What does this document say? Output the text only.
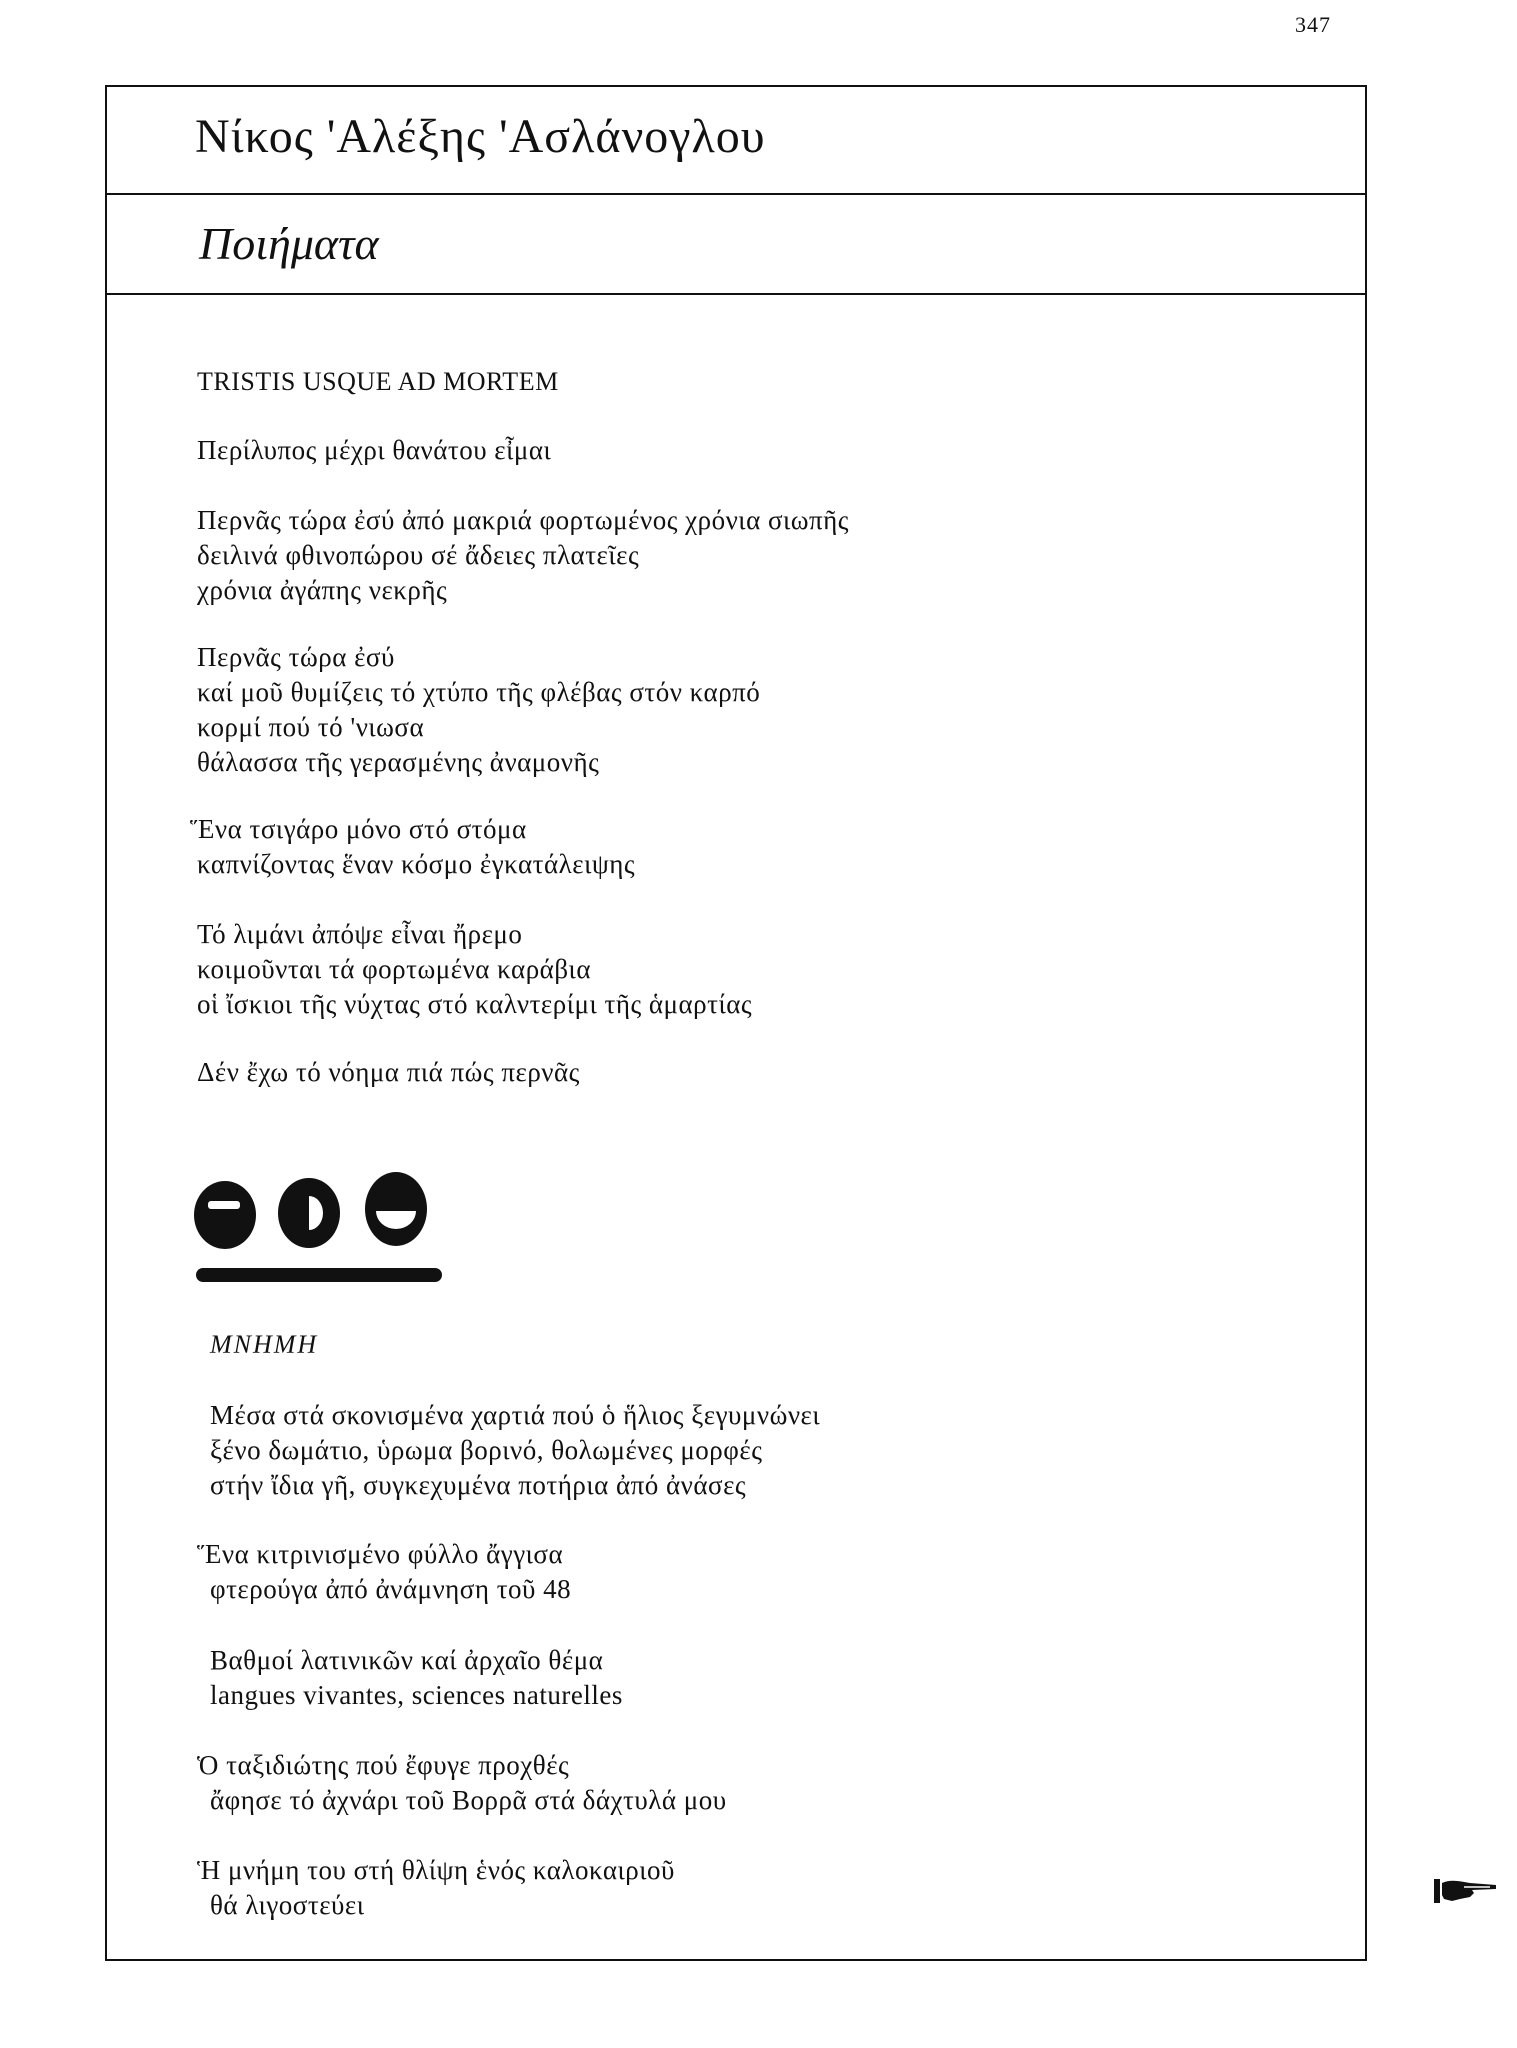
347
Νίκος 'Αλέξης 'Ασλάνογλου
Ποιήματα
TRISTIS USQUE AD MORTEM
Περίλυπος μέχρι θανάτου εἶμαι
Περνᾶς τώρα ἐσύ ἀπό μακριά φορτωμένος χρόνια σιωπῆς
δειλινά φθινοπώρου σέ ἄδειες πλατεῖες
χρόνια ἀγάπης νεκρῆς
Περνᾶς τώρα ἐσύ
καί μοῦ θυμίζεις τό χτύπο τῆς φλέβας στόν καρπό
κορμί πού τό 'νιωσα
θάλασσα τῆς γερασμένης ἀναμονῆς
Ἕνα τσιγάρο μόνο στό στόμα
καπνίζοντας ἕναν κόσμο ἐγκατάλειψης
Τό λιμάνι ἀπόψε εἶναι ἤρεμο
κοιμοῦνται τά φορτωμένα καράβια
οἱ ἴσκιοι τῆς νύχτας στό καλντερίμι τῆς ἁμαρτίας
Δέν ἔχω τό νόημα πιά πώς περνᾶς
ΜΝΗΜΗ
Μέσα στά σκονισμένα χαρτιά πού ὁ ἥλιος ξεγυμνώνει
ξένο δωμάτιο, ὑρωμα βορινό, θολωμένες μορφές
στήν ἴδια γῆ, συγκεχυμένα ποτήρια ἀπό ἀνάσες
Ἕνα κιτρινισμένο φύλλο ἄγγισα
φτερούγα ἀπό ἀνάμνηση τοῦ 48
Βαθμοί λατινικῶν καί ἀρχαῖο θέμα
langues vivantes, sciences naturelles
Ὁ ταξιδιώτης πού ἔφυγε προχθές
ἄφησε τό ἀχνάρι τοῦ Βορρᾶ στά δάχτυλά μου
Ἡ μνήμη του στή θλίψη ἑνός καλοκαιριοῦ
θά λιγοστεύει
